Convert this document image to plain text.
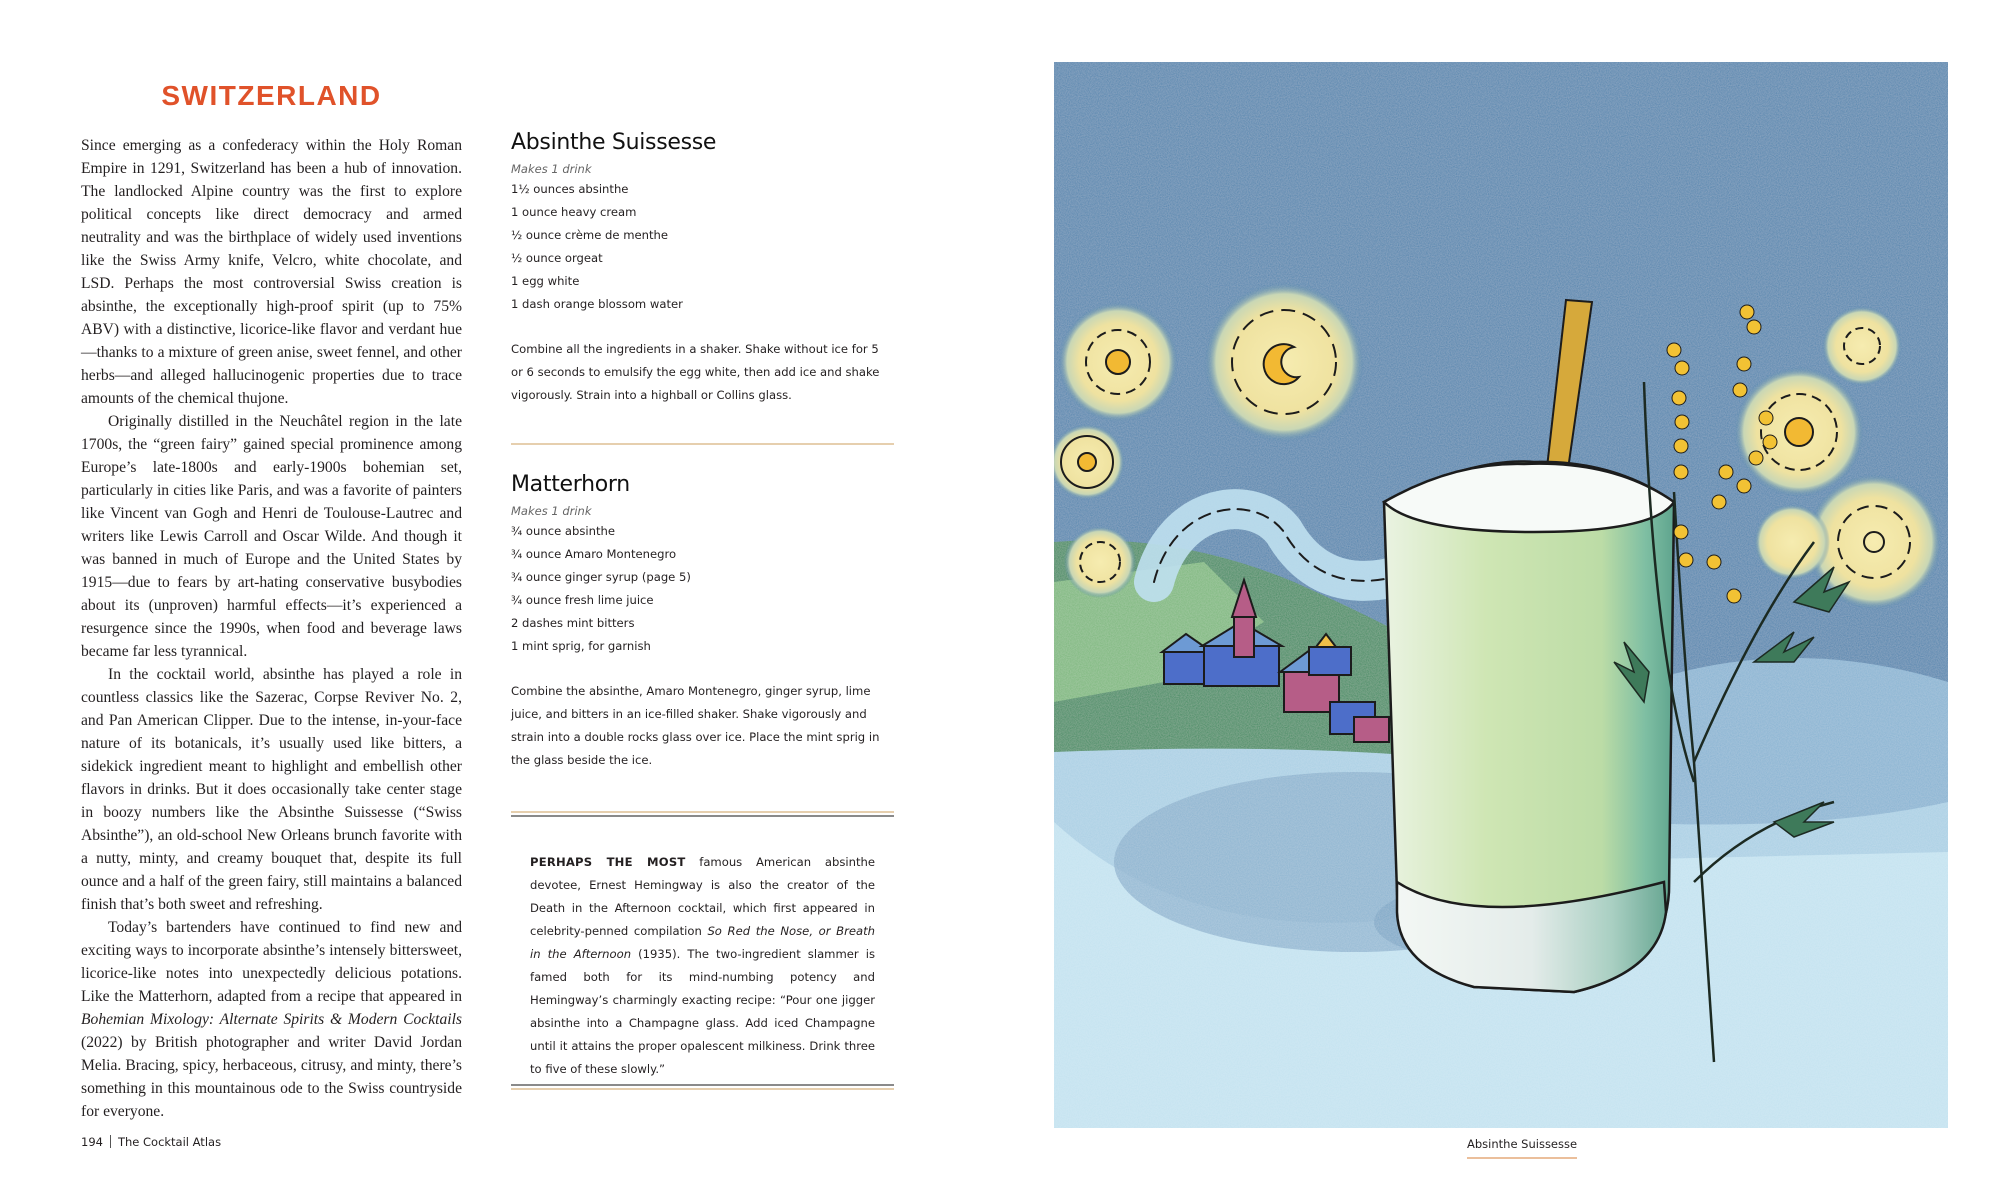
SWITZERLAND

Since emerging as a confederacy within the Holy Roman Empire in 1291, Switzerland has been a hub of innovation. The landlocked Alpine country was the first to explore political concepts like direct democracy and armed neutrality and was the birthplace of widely used inventions like the Swiss Army knife, Velcro, white chocolate, and LSD. Perhaps the most controversial Swiss creation is absinthe, the exceptionally high-proof spirit (up to 75% ABV) with a distinctive, licorice-like flavor and verdant hue—thanks to a mixture of green anise, sweet fennel, and other herbs—and alleged hallucinogenic properties due to trace amounts of the chemical thujone.

Originally distilled in the Neuchâtel region in the late 1700s, the “green fairy” gained special prominence among Europe’s late-1800s and early-1900s bohemian set, particularly in cities like Paris, and was a favorite of painters like Vincent van Gogh and Henri de Toulouse-Lautrec and writers like Lewis Carroll and Oscar Wilde. And though it was banned in much of Europe and the United States by 1915—due to fears by art-hating conservative busybodies about its (unproven) harmful effects—it’s experienced a resurgence since the 1990s, when food and beverage laws became far less tyrannical.

In the cocktail world, absinthe has played a role in countless classics like the Sazerac, Corpse Reviver No. 2, and Pan American Clipper. Due to the intense, in-your-face nature of its botanicals, it’s usually used like bitters, a sidekick ingredient meant to highlight and embellish other flavors in drinks. But it does occasionally take center stage in boozy numbers like the Absinthe Suissesse (“Swiss Absinthe”), an old-school New Orleans brunch favorite with a nutty, minty, and creamy bouquet that, despite its full ounce and a half of the green fairy, still maintains a balanced finish that’s both sweet and refreshing.

Today’s bartenders have continued to find new and exciting ways to incorporate absinthe’s intensely bittersweet, licorice-like notes into unexpectedly delicious potations. Like the Matterhorn, adapted from a recipe that appeared in Bohemian Mixology: Alternate Spirits & Modern Cocktails (2022) by British photographer and writer David Jordan Melia. Bracing, spicy, herbaceous, citrusy, and minty, there’s something in this mountainous ode to the Swiss countryside for everyone.

Absinthe Suissesse
Makes 1 drink
1½ ounces absinthe
1 ounce heavy cream
½ ounce crème de menthe
½ ounce orgeat
1 egg white
1 dash orange blossom water

Combine all the ingredients in a shaker. Shake without ice for 5 or 6 seconds to emulsify the egg white, then add ice and shake vigorously. Strain into a highball or Collins glass.

Matterhorn
Makes 1 drink
¾ ounce absinthe
¾ ounce Amaro Montenegro
¾ ounce ginger syrup (page 5)
¾ ounce fresh lime juice
2 dashes mint bitters
1 mint sprig, for garnish

Combine the absinthe, Amaro Montenegro, ginger syrup, lime juice, and bitters in an ice-filled shaker. Shake vigorously and strain into a double rocks glass over ice. Place the mint sprig in the glass beside the ice.

PERHAPS THE MOST famous American absinthe devotee, Ernest Hemingway is also the creator of the Death in the Afternoon cocktail, which first appeared in celebrity-penned compilation So Red the Nose, or Breath in the Afternoon (1935). The two-ingredient slammer is famed both for its mind-numbing potency and Hemingway’s charmingly exacting recipe: “Pour one jigger absinthe into a Champagne glass. Add iced Champagne until it attains the proper opalescent milkiness. Drink three to five of these slowly.”

194 The Cocktail Atlas	Absinthe Suissesse
